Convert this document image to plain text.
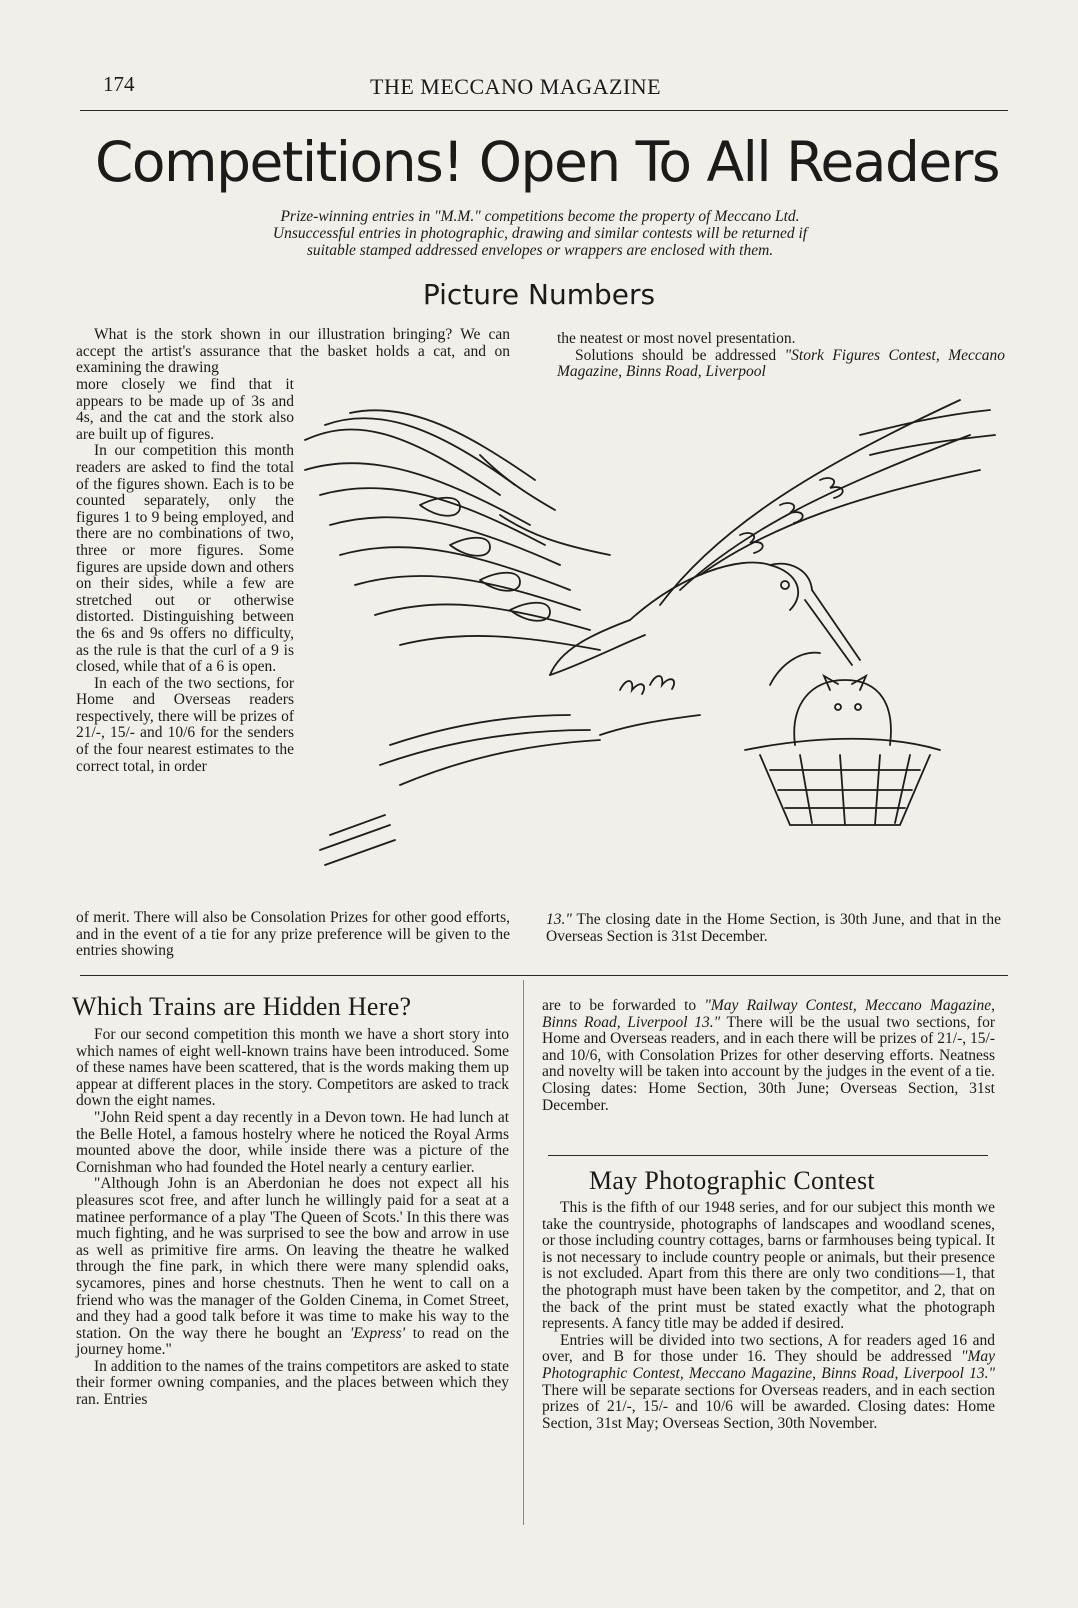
174	THE MECCANO MAGAZINE
Competitions! Open To All Readers
Prize-winning entries in "M.M." competitions become the property of Meccano Ltd.
Unsuccessful entries in photographic, drawing and similar contests will be returned if
suitable stamped addressed envelopes or wrappers are enclosed with them.
Picture Numbers

What is the stork shown in our illustration bringing? We can accept the artist's assurance that the basket holds a cat, and on examining the drawing

more closely we find that it appears to be made up of 3s and 4s, and the cat and the stork also are built up of figures.

In our competition this month readers are asked to find the total of the figures shown. Each is to be counted separately, only the figures 1 to 9 being employed, and there are no combinations of two, three or more figures. Some figures are upside down and others on their sides, while a few are stretched out or otherwise distorted. Distinguishing between the 6s and 9s offers no difficulty, as the rule is that the curl of a 9 is closed, while that of a 6 is open.

In each of the two sections, for Home and Overseas readers respectively, there will be prizes of 21/-, 15/- and 10/6 for the senders of the four nearest estimates to the correct total, in order

of merit. There will also be Consolation Prizes for other good efforts, and in the event of a tie for any prize preference will be given to the entries showing

the neatest or most novel presentation.

Solutions should be addressed "Stork Figures Contest, Meccano Magazine, Binns Road, Liverpool

13." The closing date in the Home Section, is 30th June, and that in the Overseas Section is 31st December.

Which Trains are Hidden Here?

For our second competition this month we have a short story into which names of eight well-known trains have been introduced. Some of these names have been scattered, that is the words making them up appear at different places in the story. Competitors are asked to track down the eight names.

"John Reid spent a day recently in a Devon town. He had lunch at the Belle Hotel, a famous hostelry where he noticed the Royal Arms mounted above the door, while inside there was a picture of the Cornishman who had founded the Hotel nearly a century earlier.

"Although John is an Aberdonian he does not expect all his pleasures scot free, and after lunch he willingly paid for a seat at a matinee performance of a play 'The Queen of Scots.' In this there was much fighting, and he was surprised to see the bow and arrow in use as well as primitive fire arms. On leaving the theatre he walked through the fine park, in which there were many splendid oaks, sycamores, pines and horse chestnuts. Then he went to call on a friend who was the manager of the Golden Cinema, in Comet Street, and they had a good talk before it was time to make his way to the station. On the way there he bought an 'Express' to read on the journey home."

In addition to the names of the trains competitors are asked to state their former owning companies, and the places between which they ran. Entries

are to be forwarded to "May Railway Contest, Meccano Magazine, Binns Road, Liverpool 13." There will be the usual two sections, for Home and Overseas readers, and in each there will be prizes of 21/-, 15/- and 10/6, with Consolation Prizes for other deserving efforts. Neatness and novelty will be taken into account by the judges in the event of a tie. Closing dates: Home Section, 30th June; Overseas Section, 31st December.

May Photographic Contest

This is the fifth of our 1948 series, and for our subject this month we take the countryside, photographs of landscapes and woodland scenes, or those including country cottages, barns or farmhouses being typical. It is not necessary to include country people or animals, but their presence is not excluded. Apart from this there are only two conditions—1, that the photograph must have been taken by the competitor, and 2, that on the back of the print must be stated exactly what the photograph represents. A fancy title may be added if desired.

Entries will be divided into two sections, A for readers aged 16 and over, and B for those under 16. They should be addressed "May Photographic Contest, Meccano Magazine, Binns Road, Liverpool 13." There will be separate sections for Overseas readers, and in each section prizes of 21/-, 15/- and 10/6 will be awarded. Closing dates: Home Section, 31st May; Overseas Section, 30th November.
